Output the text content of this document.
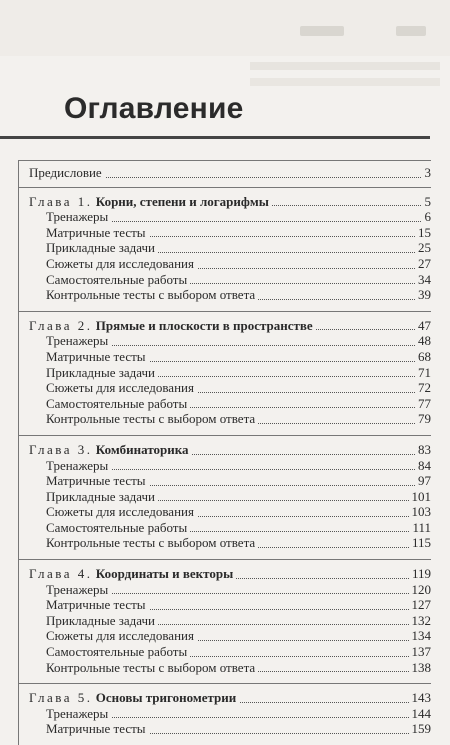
Оглавление
Предисловие	3
Глава 1. Корни, степени и логарифмы	5
Тренажеры	6
Матричные тесты	15
Прикладные задачи	25
Сюжеты для исследования	27
Самостоятельные работы	34
Контрольные тесты с выбором ответа	39
Глава 2. Прямые и плоскости в пространстве	47
Тренажеры	48
Матричные тесты	68
Прикладные задачи	71
Сюжеты для исследования	72
Самостоятельные работы	77
Контрольные тесты с выбором ответа	79
Глава 3. Комбинаторика	83
Тренажеры	84
Матричные тесты	97
Прикладные задачи	101
Сюжеты для исследования	103
Самостоятельные работы	111
Контрольные тесты с выбором ответа	115
Глава 4. Координаты и векторы	119
Тренажеры	120
Матричные тесты	127
Прикладные задачи	132
Сюжеты для исследования	134
Самостоятельные работы	137
Контрольные тесты с выбором ответа	138
Глава 5. Основы тригонометрии	143
Тренажеры	144
Матричные тесты	159
